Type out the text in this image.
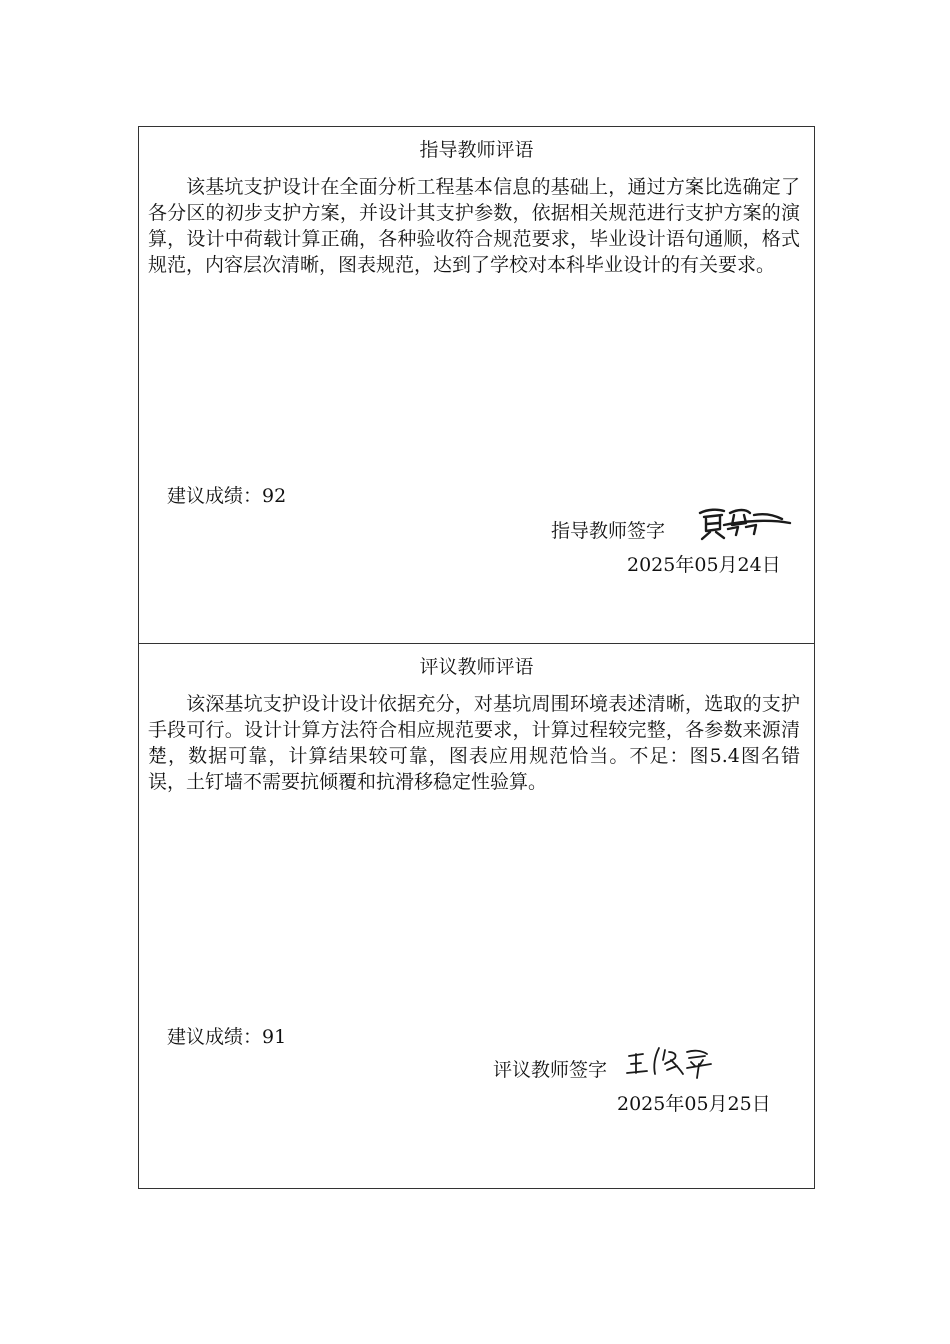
指导教师评语

该基坑支护设计在全面分析工程基本信息的基础上，通过方案比选确定了各分区的初步支护方案，并设计其支护参数，依据相关规范进行支护方案的演算，设计中荷载计算正确，各种验收符合规范要求，毕业设计语句通顺，格式规范，内容层次清晰，图表规范，达到了学校对本科毕业设计的有关要求。

建议成绩：92
指导教师签字
2025年05月24日
评议教师评语

该深基坑支护设计设计依据充分，对基坑周围环境表述清晰，选取的支护手段可行。设计计算方法符合相应规范要求，计算过程较完整，各参数来源清楚，数据可靠，计算结果较可靠，图表应用规范恰当。不足：图5.4图名错误，土钉墙不需要抗倾覆和抗滑移稳定性验算。

建议成绩：91
评议教师签字
2025年05月25日
